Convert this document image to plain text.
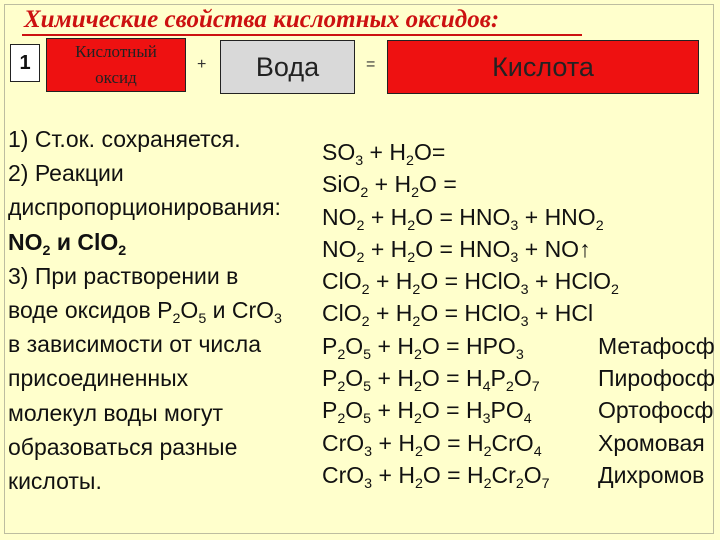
Химические свойства кислотных оксидов:
1	Кислотный
оксид
+	Вода	=	Кислота
1) Ст.ок. сохраняется.
2) Реакции
диспропорционирования:
$NO_2$ и ClO$_2$
3) При растворении в
воде оксидов $P_2O_5$ и CrO$_3$
в зависимости от числа
присоединенных
молекул воды могут
образоваться разные
кислоты.
$SO_3 + H_2O=$
$SiO_2 + H_2O$ =
$NO_2 + H_2O = HNO_3 + HNO_2$
$NO_2 + H_2O = HNO_3$ + NO↑
$ClO_2 + H_2O$ = HClO$_3$ + HClO$_2$
$ClO_2 + H_2O$ = HClO$_3$ + HCl
$P_2O_5 + H_2O = HPO_3$	Метафосф
$P_2O_5 + H_2O = H_4P_2O_7$	Пирофосф
$P_2O_5 + H_2O = H_3PO_4$	Ортофосф
$CrO_3 + H_2O = H_2CrO_4$ Хромовая
$CrO_3 + H_2O = H_2Cr_2O_7$ Дихромов
